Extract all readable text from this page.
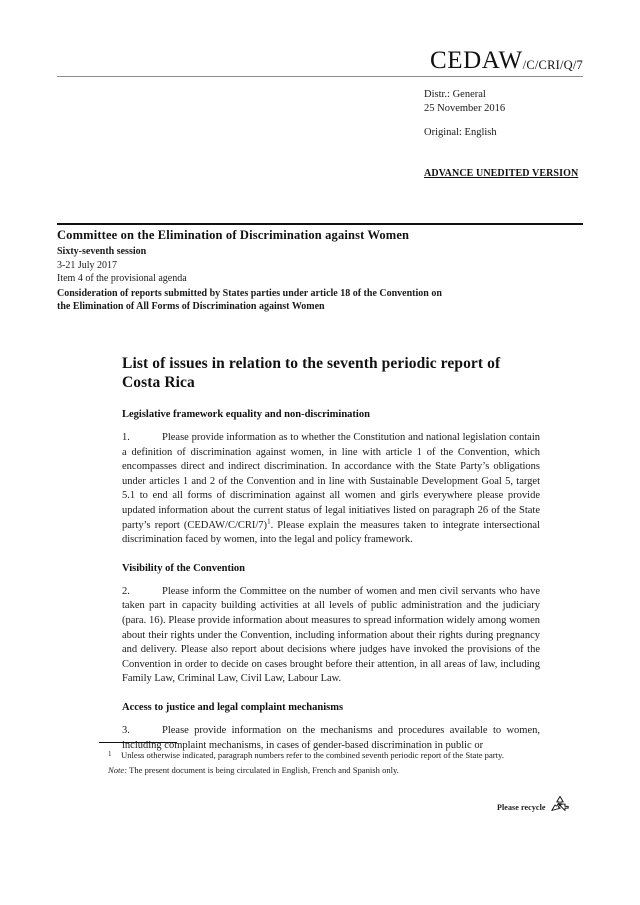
CEDAW/C/CRI/Q/7
Distr.: General
25 November 2016
Original: English
ADVANCE UNEDITED VERSION
Committee on the Elimination of Discrimination against Women
Sixty-seventh session
3-21 July 2017
Item 4 of the provisional agenda
Consideration of reports submitted by States parties under article 18 of the Convention on the Elimination of All Forms of Discrimination against Women
List of issues in relation to the seventh periodic report of Costa Rica
Legislative framework equality and non-discrimination

1.	Please provide information as to whether the Constitution and national legislation contain a definition of discrimination against women, in line with article 1 of the Convention, which encompasses direct and indirect discrimination. In accordance with the State Party’s obligations under articles 1 and 2 of the Convention and in line with Sustainable Development Goal 5, target 5.1 to end all forms of discrimination against all women and girls everywhere please provide updated information about the current status of legal initiatives listed on paragraph 26 of the State party’s report (CEDAW/C/CRI/7)$^1$. Please explain the measures taken to integrate intersectional discrimination faced by women, into the legal and policy framework.

Visibility of the Convention

2.	Please inform the Committee on the number of women and men civil servants who have taken part in capacity building activities at all levels of public administration and the judiciary (para. 16). Please provide information about measures to spread information widely among women about their rights under the Convention, including information about their rights during pregnancy and delivery. Please also report about decisions where judges have invoked the provisions of the Convention in order to decide on cases brought before their attention, in all areas of law, including Family Law, Criminal Law, Civil Law, Labour Law.

Access to justice and legal complaint mechanisms

3.	Please provide information on the mechanisms and procedures available to women, including complaint mechanisms, in cases of gender-based discrimination in public or

1 Unless otherwise indicated, paragraph numbers refer to the combined seventh periodic report of the State party.
Note: The present document is being circulated in English, French and Spanish only.
Please recycle
